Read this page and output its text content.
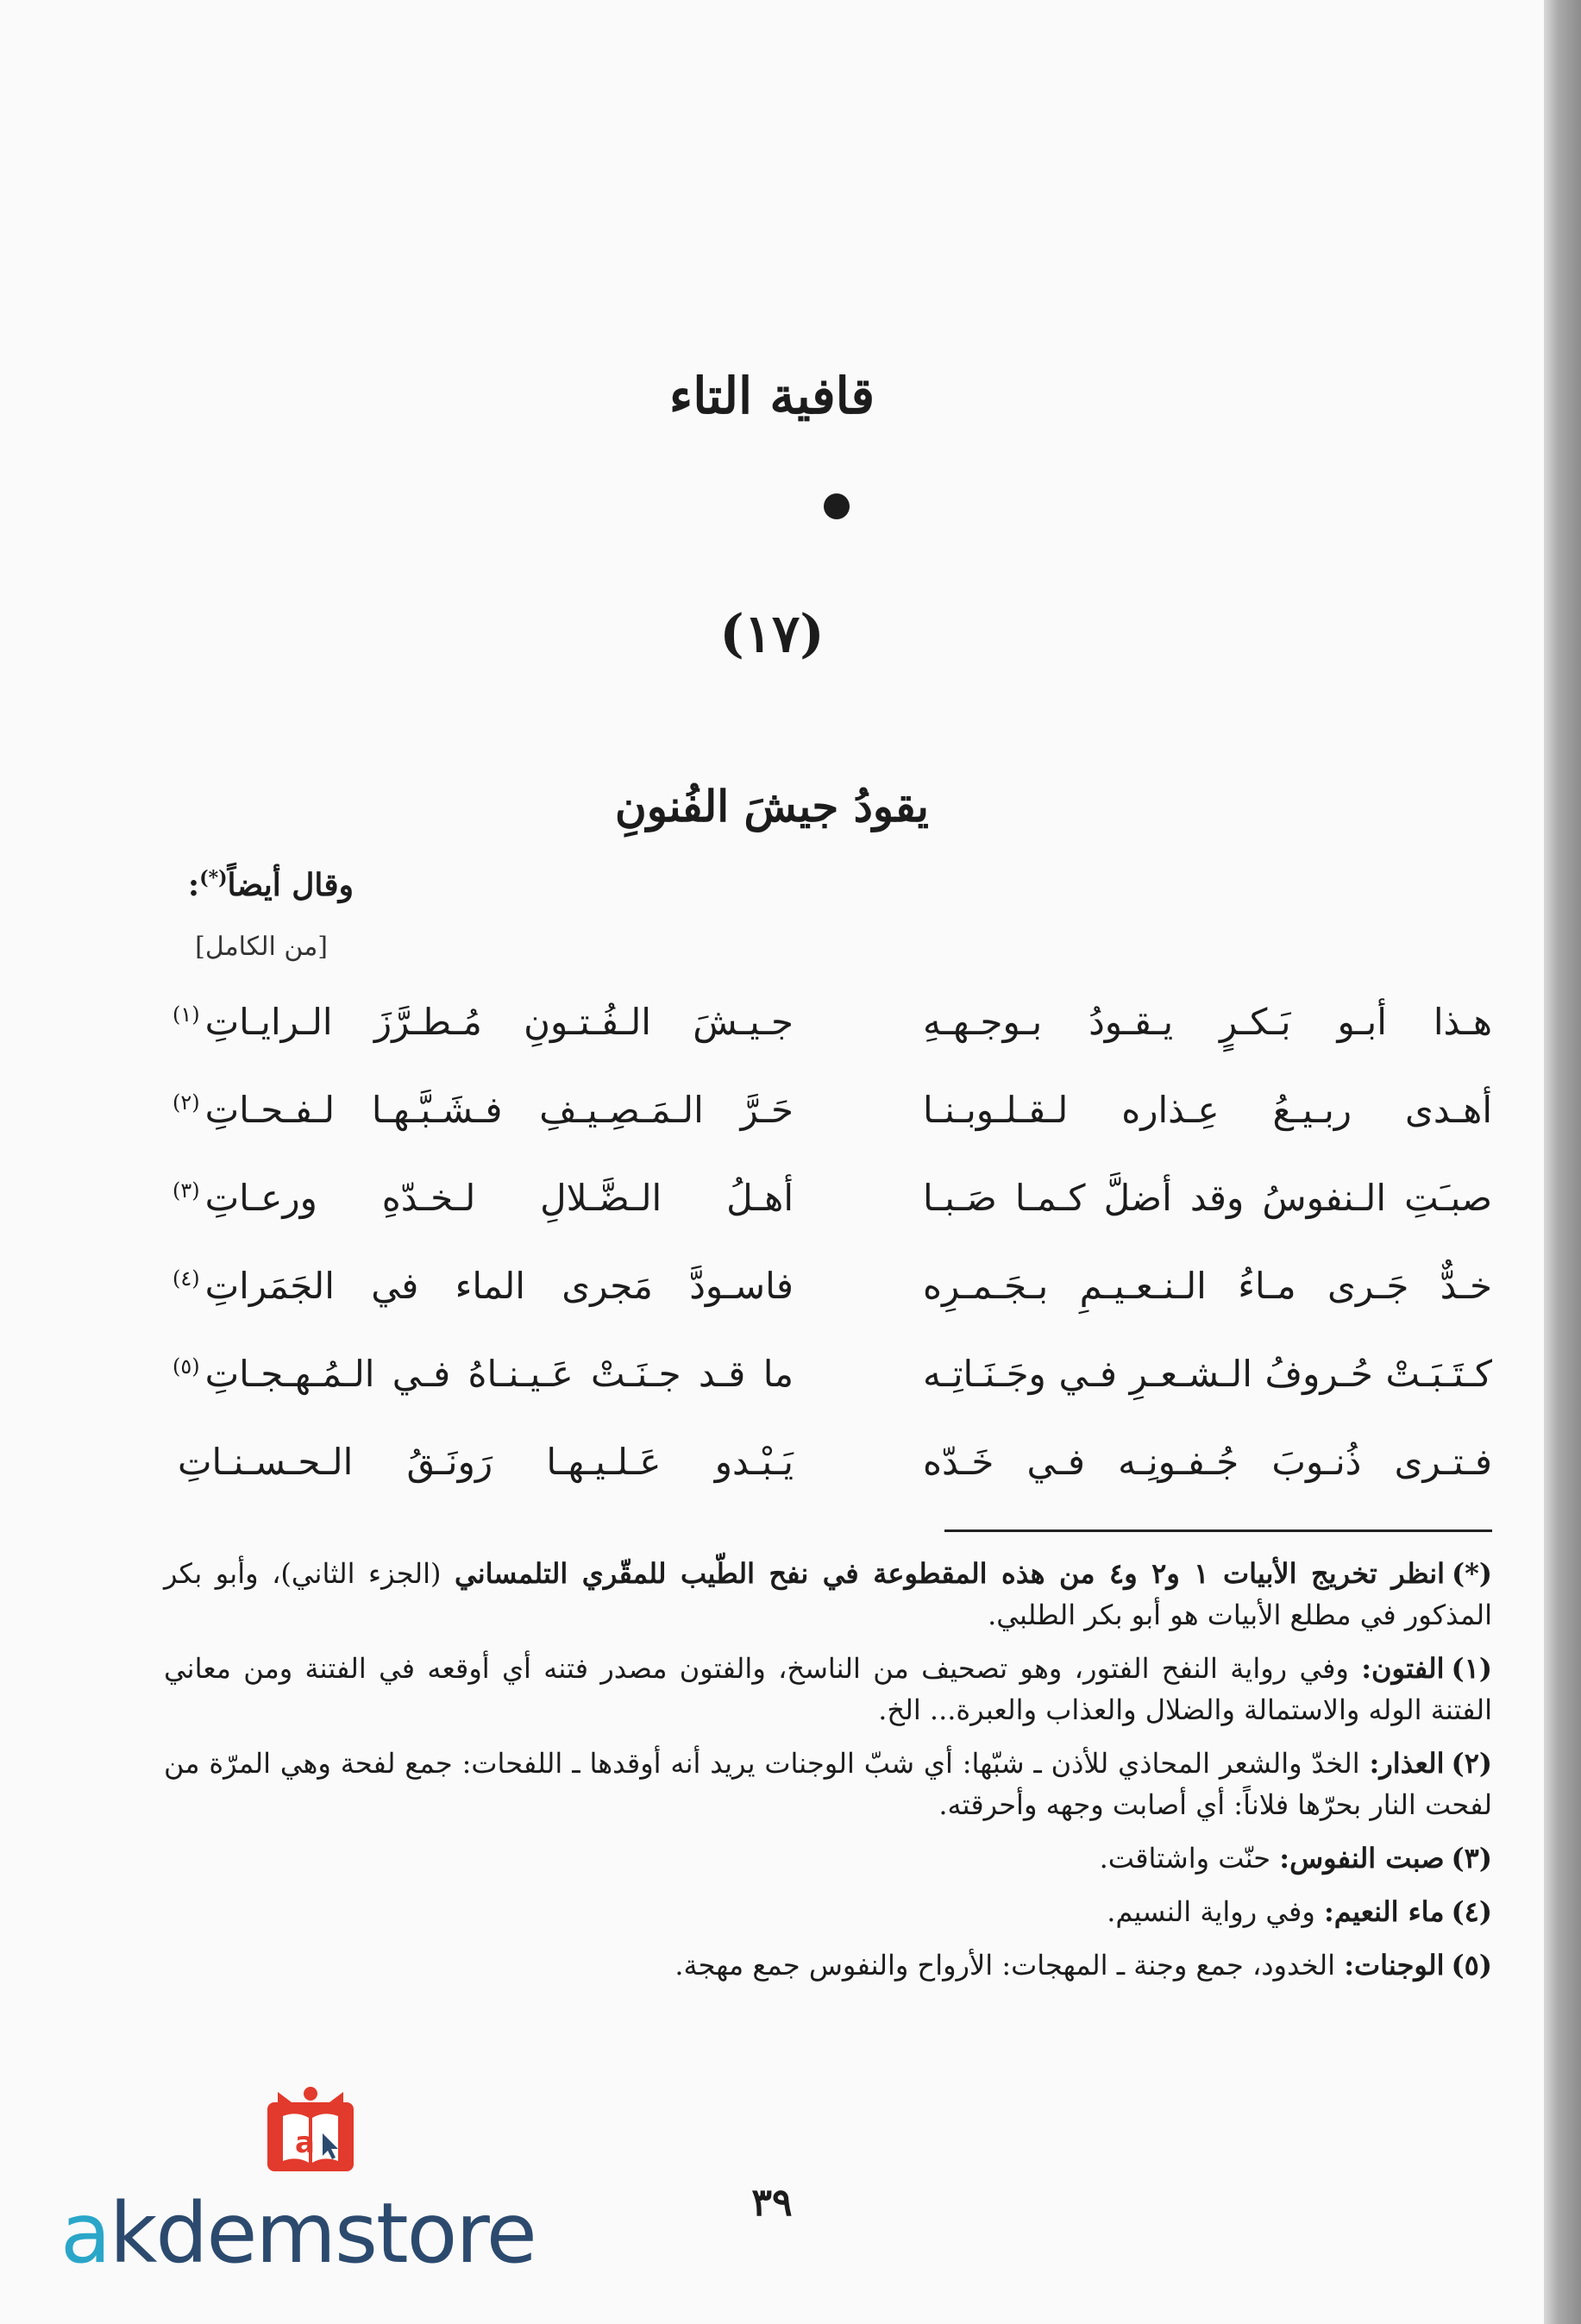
قافية التاء
(١٧)
يقودُ جيشَ الفُنونِ
وقال أيضاً(*):
[من الكامل]
هـذا أبـو بَـكـرٍ يـقـودُ بـوجـهـهِ
جـيـشَ الـفُـتـونِ مُـطـرَّزَ الـرايـاتِ$^{(١)}$
أهـدى ربـيـعُ عِـذاره لـقـلـوبـنـا
حَـرَّ الـمَـصِـيـفِ فـشَـبَّـهـا لـفـحـاتِ$^{(٢)}$
صبـَتِ الـنفوسُ وقد أضلَّ كـمـا صَـبـا
أهـلُ الـضَّـلالِ لـخـدّهِ ورعـاتِ$^{(٣)}$
خـدٌّ جَـرى مـاءُ الـنـعـيـمِ بـجَـمـرِه
فاسـودَّ مَجرى الماء في الجَمَراتِ$^{(٤)}$
كـتَـبَـتْ حُـروفُ الـشـعـرِ فـي وجَـنَـاتِـه
ما قـد جـنَـتْ عَـيـنـاهُ فـي الـمُـهـجـاتِ$^{(٥)}$
فـتـرى ذُنـوبَ جُـفـونِـه فـي خَـدّه
يَـبْـدو عَـلـيـهـا رَونَـقُ الـحـسـنـاتِ

(*)انظر تخريج الأبيات ١ و٢ و٤ من هذه المقطوعة في نفح الطّيب للمقّري التلمساني (الجزء الثاني)، وأبو بكر المذكور في مطلع الأبيات هو أبو بكر الطلبي.

(١)الفتون: وفي رواية النفح الفتور، وهو تصحيف من الناسخ، والفتون مصدر فتنه أي أوقعه في الفتنة ومن معاني الفتنة الوله والاستمالة والضلال والعذاب والعبرة... الخ.

(٢)العذار: الخدّ والشعر المحاذي للأذن ـ شبّها: أي شبّ الوجنات يريد أنه أوقدها ـ اللفحات: جمع لفحة وهي المرّة من لفحت النار بحرّها فلاناً: أي أصابت وجهه وأحرقته.

(٣)صبت النفوس: حنّت واشتاقت.

(٤)ماء النعيم: وفي رواية النسيم.

(٥)الوجنات: الخدود، جمع وجنة ـ المهجات: الأرواح والنفوس جمع مهجة.

٣٩
a
akdemstore
